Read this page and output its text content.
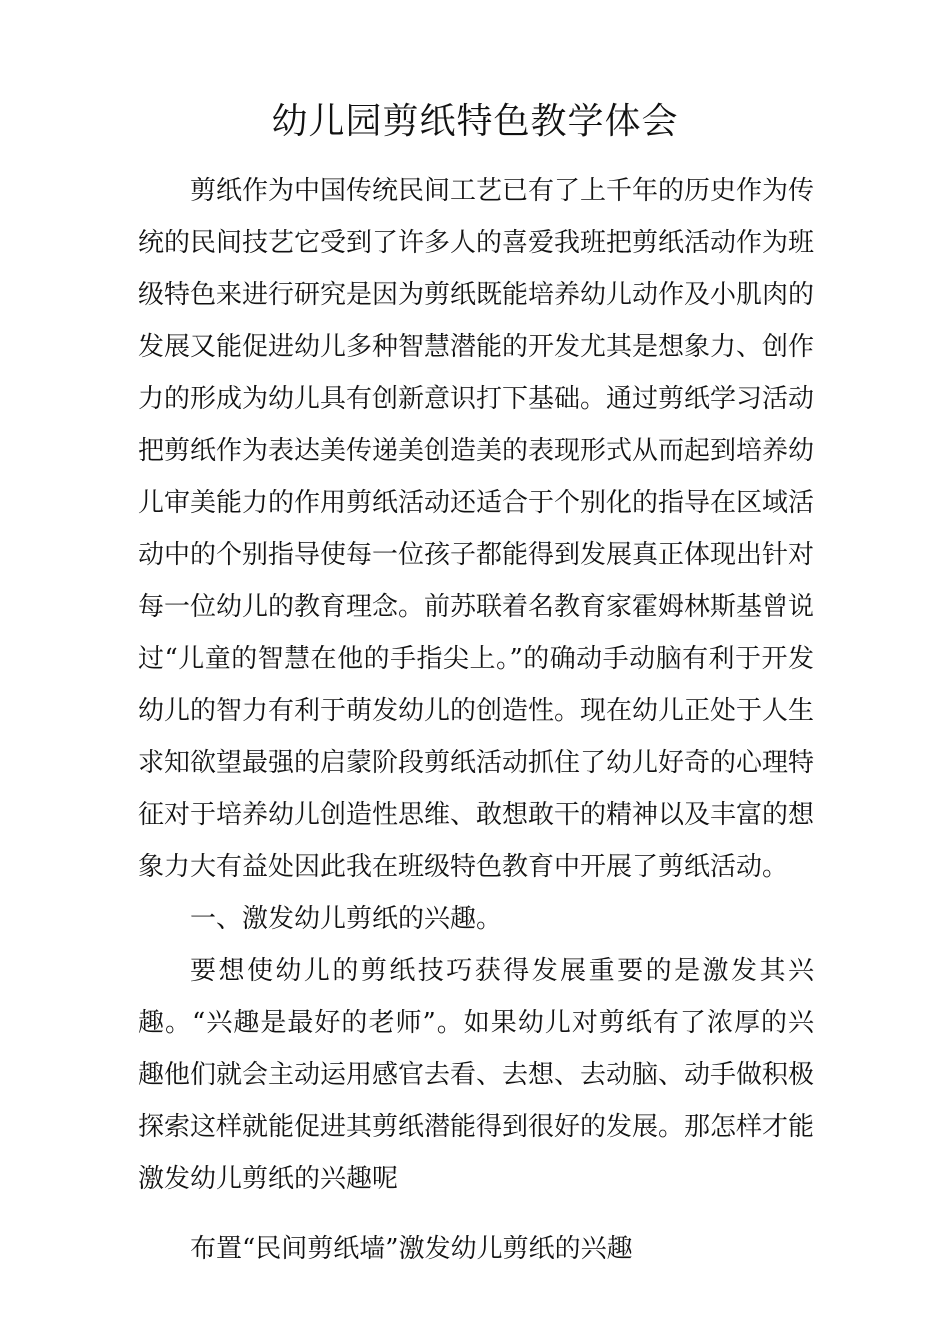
幼儿园剪纸特色教学体会

剪纸作为中国传统民间工艺已有了上千年的历史作为传统的民间技艺它受到了许多人的喜爱我班把剪纸活动作为班级特色来进行研究是因为剪纸既能培养幼儿动作及小肌肉的发展又能促进幼儿多种智慧潜能的开发尤其是想象力、创作力的形成为幼儿具有创新意识打下基础。通过剪纸学习活动把剪纸作为表达美传递美创造美的表现形式从而起到培养幼儿审美能力的作用剪纸活动还适合于个别化的指导在区域活动中的个别指导使每一位孩子都能得到发展真正体现出针对每一位幼儿的教育理念。前苏联着名教育家霍姆林斯基曾说过“儿童的智慧在他的手指尖上。”的确动手动脑有利于开发幼儿的智力有利于萌发幼儿的创造性。现在幼儿正处于人生求知欲望最强的启蒙阶段剪纸活动抓住了幼儿好奇的心理特征对于培养幼儿创造性思维、敢想敢干的精神以及丰富的想象力大有益处因此我在班级特色教育中开展了剪纸活动。

一、激发幼儿剪纸的兴趣。

要想使幼儿的剪纸技巧获得发展重要的是激发其兴趣。“兴趣是最好的老师”。如果幼儿对剪纸有了浓厚的兴趣他们就会主动运用感官去看、去想、去动脑、动手做积极探索这样就能促进其剪纸潜能得到很好的发展。那怎样才能激发幼儿剪纸的兴趣呢

布置“民间剪纸墙”激发幼儿剪纸的兴趣
